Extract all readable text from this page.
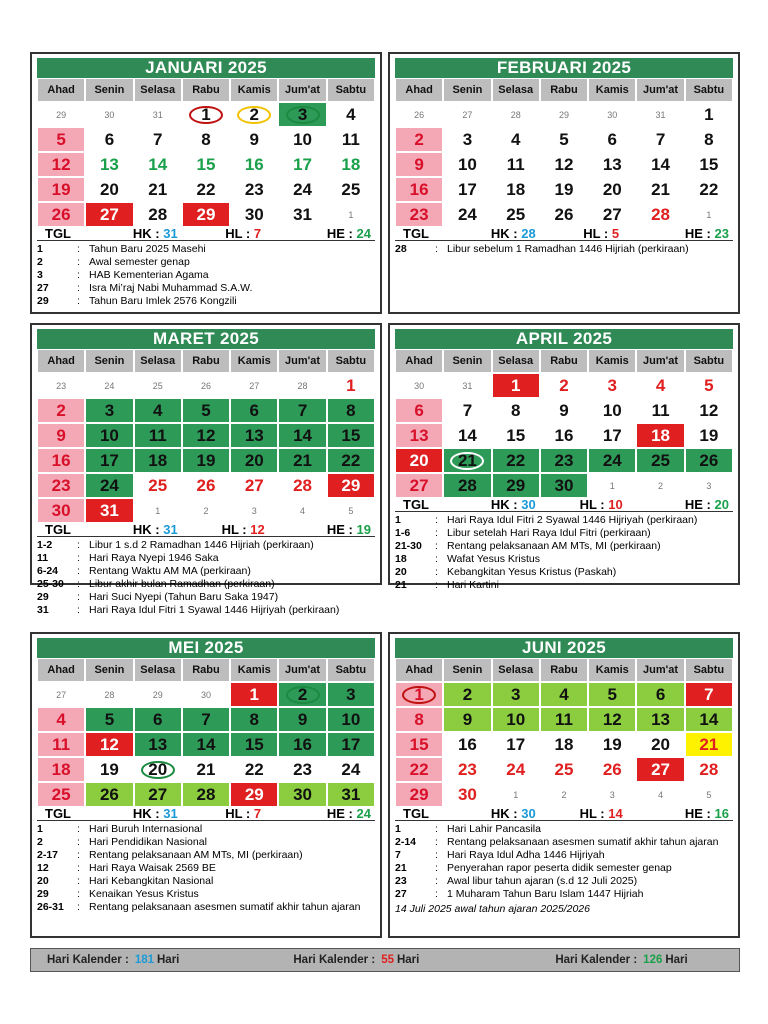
JANUARI 2025
Ahad	Senin	Selasa	Rabu	Kamis	Jum'at	Sabtu
29	30	31 1 2 3 4
5 6 7 8 9 10 11
12 13 14 15 16 17 18
19 20 21 22 23 24 25
26 27 28 29 30 31	1
TGL	HK : 31	HL : 7	HE : 24
1	: Tahun Baru 2025 Masehi
2	: Awal semester genap
3	: HAB Kementerian Agama
27	: Isra Mi’raj Nabi Muhammad S.A.W.
29	: Tahun Baru Imlek 2576 Kongzili
FEBRUARI 2025
Ahad	Senin	Selasa	Rabu	Kamis	Jum'at	Sabtu
26	27	28	29	30	31 1
2 3 4 5 6 7 8
9 10 11 12 13 14 15
16 17 18 19 20 21 22
23 24 25 26 27 28	1
TGL	HK : 28	HL : 5	HE : 23
28	: Libur sebelum 1 Ramadhan 1446 Hijriah (perkiraan)
MARET 2025
Ahad	Senin	Selasa	Rabu	Kamis	Jum'at	Sabtu
23	24	25	26	27	28 1
2 3 4 5 6 7 8
9 10 11 12 13 14 15
16 17 18 19 20 21 22
23 24 25 26 27 28 29
30 31	1	2	3	4	5
TGL	HK : 31	HL : 12	HE : 19
1-2	: Libur 1 s.d 2 Ramadhan 1446 Hijriah (perkiraan)
11	: Hari Raya Nyepi 1946 Saka
6-24	: Rentang Waktu AM MA (perkiraan)
25-30	: Libur akhir bulan Ramadhan (perkiraan)
29	: Hari Suci Nyepi (Tahun Baru Saka 1947)
31	: Hari Raya Idul Fitri 1 Syawal 1446 Hijriyah (perkiraan)
APRIL 2025
Ahad	Senin	Selasa	Rabu	Kamis	Jum'at	Sabtu
30	31 1 2 3 4 5
6 7 8 9 10 11 12
13 14 15 16 17 18 19
20 21 22 23 24 25 26
27 28 29 30	1	2	3
TGL	HK : 30	HL : 10	HE : 20
1	: Hari Raya Idul Fitri 2 Syawal 1446 Hijriyah (perkiraan)
1-6	: Libur setelah Hari Raya Idul Fitri (perkiraan)
21-30	: Rentang pelaksanaan AM MTs, MI (perkiraan)
18	: Wafat Yesus Kristus
20	: Kebangkitan Yesus Kristus (Paskah)
21	: Hari Kartini
MEI 2025
Ahad	Senin	Selasa	Rabu	Kamis	Jum'at	Sabtu
27	28	29	30 1 2 3
4 5 6 7 8 9 10
11 12 13 14 15 16 17
18 19 20 21 22 23 24
25 26 27 28 29 30 31
TGL	HK : 31	HL : 7	HE : 24
1	: Hari Buruh Internasional
2	: Hari Pendidikan Nasional
2-17	: Rentang pelaksanaan AM MTs, MI (perkiraan)
12	: Hari Raya Waisak 2569 BE
20	: Hari Kebangkitan Nasional
29	: Kenaikan Yesus Kristus
26-31	: Rentang pelaksanaan asesmen sumatif akhir tahun ajaran
JUNI 2025
Ahad	Senin	Selasa	Rabu	Kamis	Jum'at	Sabtu
1 2 3 4 5 6 7
8 9 10 11 12 13 14
15 16 17 18 19 20 21
22 23 24 25 26 27 28
29 30	1	2	3	4	5
TGL	HK : 30	HL : 14	HE : 16
1	: Hari Lahir Pancasila
2-14	: Rentang pelaksanaan asesmen sumatif akhir tahun ajaran
7	: Hari Raya Idul Adha 1446 Hijriyah
21	: Penyerahan rapor peserta didik semester genap
23	: Awal libur tahun ajaran (s.d 12 Juli 2025)
27	: 1 Muharam Tahun Baru Islam 1447 Hijriah
14 Juli 2025 awal tahun ajaran 2025/2026
Hari Kalender : 181 Hari	Hari Kalender : 55 Hari	Hari Kalender : 126 Hari
